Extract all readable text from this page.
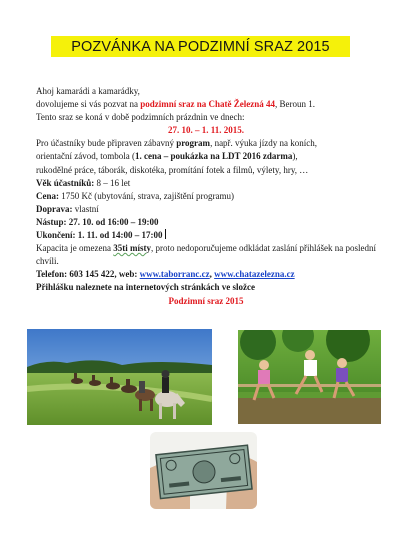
POZVÁNKA NA PODZIMNÍ SRAZ 2015
Ahoj kamarádi a kamarádky,
dovolujeme si vás pozvat na podzimní sraz na Chatě Železná 44, Beroun 1.
Tento sraz se koná v době podzimních prázdnin ve dnech:
27. 10. – 1. 11. 2015.
Pro účastníky bude připraven zábavný program, např. výuka jízdy na koních,
orientační závod, tombola (1. cena – poukázka na LDT 2016 zdarma),
rukodělné práce, táborák, diskotéka, promítání fotek a filmů, výlety, hry, …
Věk účastníků: 8 – 16 let
Cena: 1750 Kč (ubytování, strava, zajištění programu)
Doprava: vlastní
Nástup: 27. 10. od 16:00 – 19:00
Ukončení: 1. 11. od 14:00 – 17:00
Kapacita je omezena 35ti místy, proto nedoporučujeme odkládat zaslání přihlášek na poslední chvíli.
Telefon: 603 145 422, web: www.taborranc.cz, www.chatazelezna.cz
Přihlášku naleznete na internetových stránkách ve složce
Podzimní sraz 2015
